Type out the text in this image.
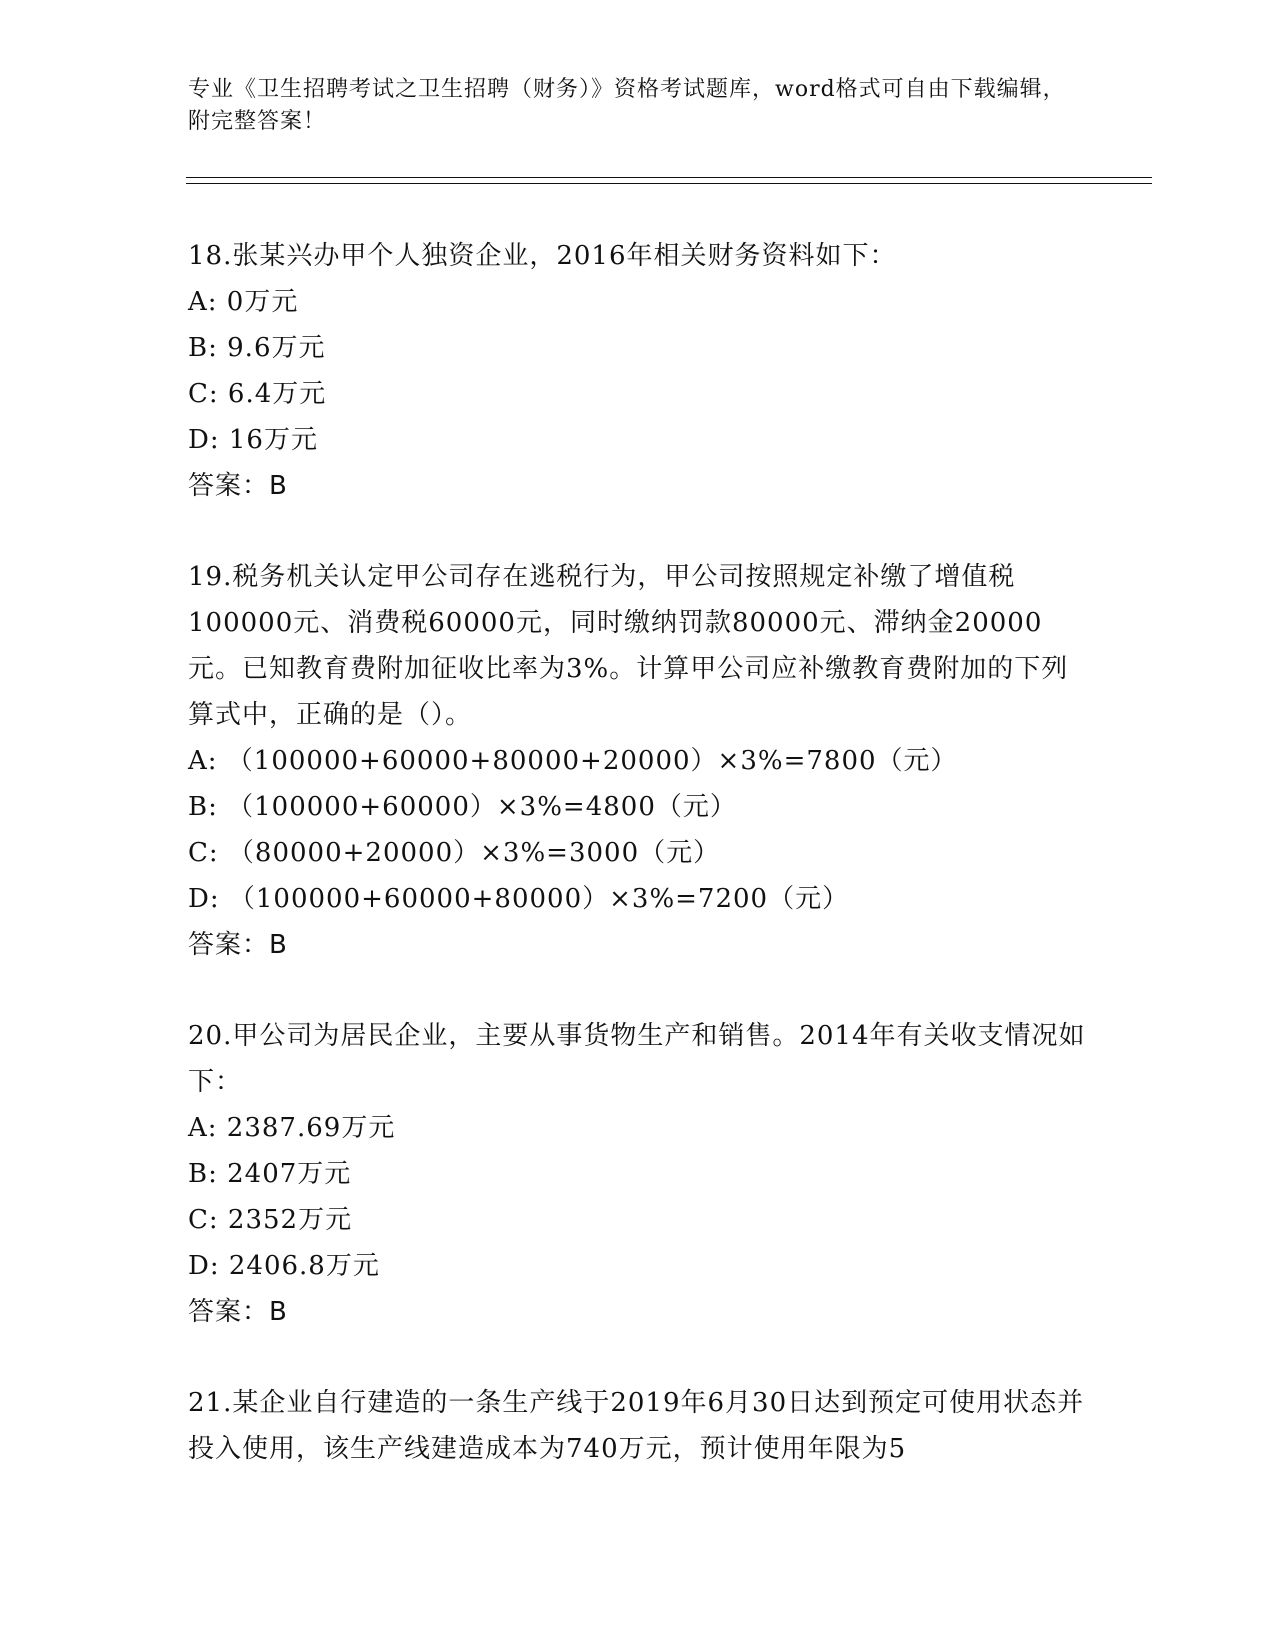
专业《卫生招聘考试之卫生招聘（财务）》资格考试题库，word格式可自由下载编辑，附完整答案！

18.张某兴办甲个人独资企业，2016年相关财务资料如下：

A: 0万元

B: 9.6万元

C: 6.4万元

D: 16万元

答案：B

19.税务机关认定甲公司存在逃税行为，甲公司按照规定补缴了增值税100000元、消费税60000元，同时缴纳罚款80000元、滞纳金20000元。已知教育费附加征收比率为3%。计算甲公司应补缴教育费附加的下列算式中，正确的是（）。

A: （100000+60000+80000+20000）×3%=7800（元）

B: （100000+60000）×3%=4800（元）

C: （80000+20000）×3%=3000（元）

D: （100000+60000+80000）×3%=7200（元）

答案：B

20.甲公司为居民企业，主要从事货物生产和销售。2014年有关收支情况如下：

A: 2387.69万元

B: 2407万元

C: 2352万元

D: 2406.8万元

答案：B

21.某企业自行建造的一条生产线于2019年6月30日达到预定可使用状态并投入使用，该生产线建造成本为740万元，预计使用年限为5
